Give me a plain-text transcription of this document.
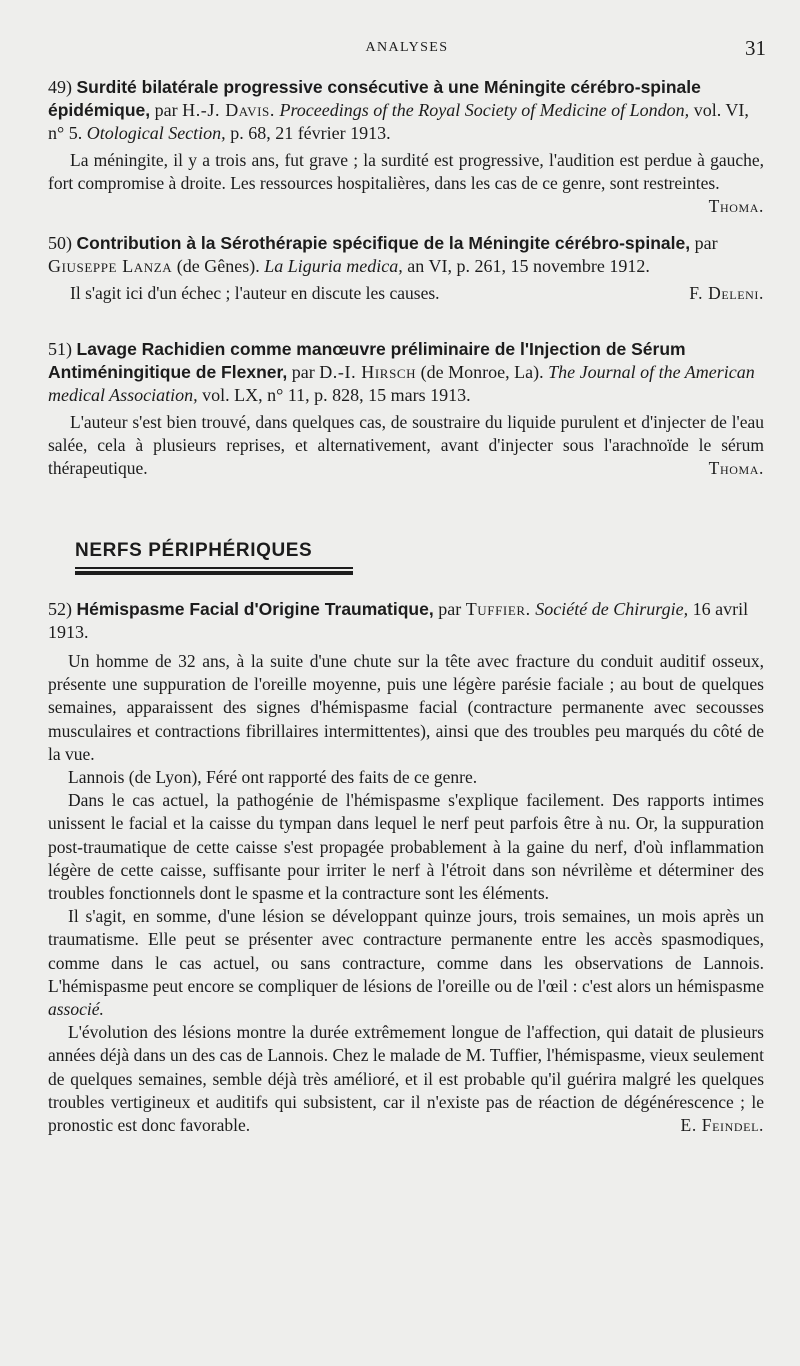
ANALYSES	31
49) Surdité bilatérale progressive consécutive à une Méningite cérébro-spinale épidémique, par H.-J. Davis. Proceedings of the Royal Society of Medicine of London, vol. VI, n° 5. Otological Section, p. 68, 21 février 1913.

La méningite, il y a trois ans, fut grave ; la surdité est progressive, l'audition est perdue à gauche, fort compromise à droite. Les ressources hospitalières, dans les cas de ce genre, sont restreintes.
Thoma.

50) Contribution à la Sérothérapie spécifique de la Méningite cérébro-spinale, par Giuseppe Lanza (de Gênes). La Liguria medica, an VI, p. 261, 15 novembre 1912.

Il s'agit ici d'un échec ; l'auteur en discute les causes.	F. Deleni.

51) Lavage Rachidien comme manœuvre préliminaire de l'Injection de Sérum Antiméningitique de Flexner, par D.-I. Hirsch (de Monroe, La). The Journal of the American medical Association, vol. LX, n° 11, p. 828, 15 mars 1913.

L'auteur s'est bien trouvé, dans quelques cas, de soustraire du liquide purulent et d'injecter de l'eau salée, cela à plusieurs reprises, et alternativement, avant d'injecter sous l'arachnoïde le sérum thérapeutique.	Thoma.

NERFS PÉRIPHÉRIQUES
52) Hémispasme Facial d'Origine Traumatique, par Tuffier. Société de Chirurgie, 16 avril 1913.

Un homme de 32 ans, à la suite d'une chute sur la tête avec fracture du conduit auditif osseux, présente une suppuration de l'oreille moyenne, puis une légère parésie faciale ; au bout de quelques semaines, apparaissent des signes d'hémispasme facial (contracture permanente avec secousses musculaires et contractions fibrillaires intermittentes), ainsi que des troubles peu marqués du côté de la vue.

Lannois (de Lyon), Féré ont rapporté des faits de ce genre.

Dans le cas actuel, la pathogénie de l'hémispasme s'explique facilement. Des rapports intimes unissent le facial et la caisse du tympan dans lequel le nerf peut parfois être à nu. Or, la suppuration post-traumatique de cette caisse s'est propagée probablement à la gaine du nerf, d'où inflammation légère de cette caisse, suffisante pour irriter le nerf à l'étroit dans son névrilème et déterminer des troubles fonctionnels dont le spasme et la contracture sont les éléments.

Il s'agit, en somme, d'une lésion se développant quinze jours, trois semaines, un mois après un traumatisme. Elle peut se présenter avec contracture permanente entre les accès spasmodiques, comme dans le cas actuel, ou sans contracture, comme dans les observations de Lannois. L'hémispasme peut encore se compliquer de lésions de l'oreille ou de l'œil : c'est alors un hémispasme associé.

L'évolution des lésions montre la durée extrêmement longue de l'affection, qui datait de plusieurs années déjà dans un des cas de Lannois. Chez le malade de M. Tuffier, l'hémispasme, vieux seulement de quelques semaines, semble déjà très amélioré, et il est probable qu'il guérira malgré les quelques troubles vertigineux et auditifs qui subsistent, car il n'existe pas de réaction de dégénérescence ; le pronostic est donc favorable.	E. Feindel.
